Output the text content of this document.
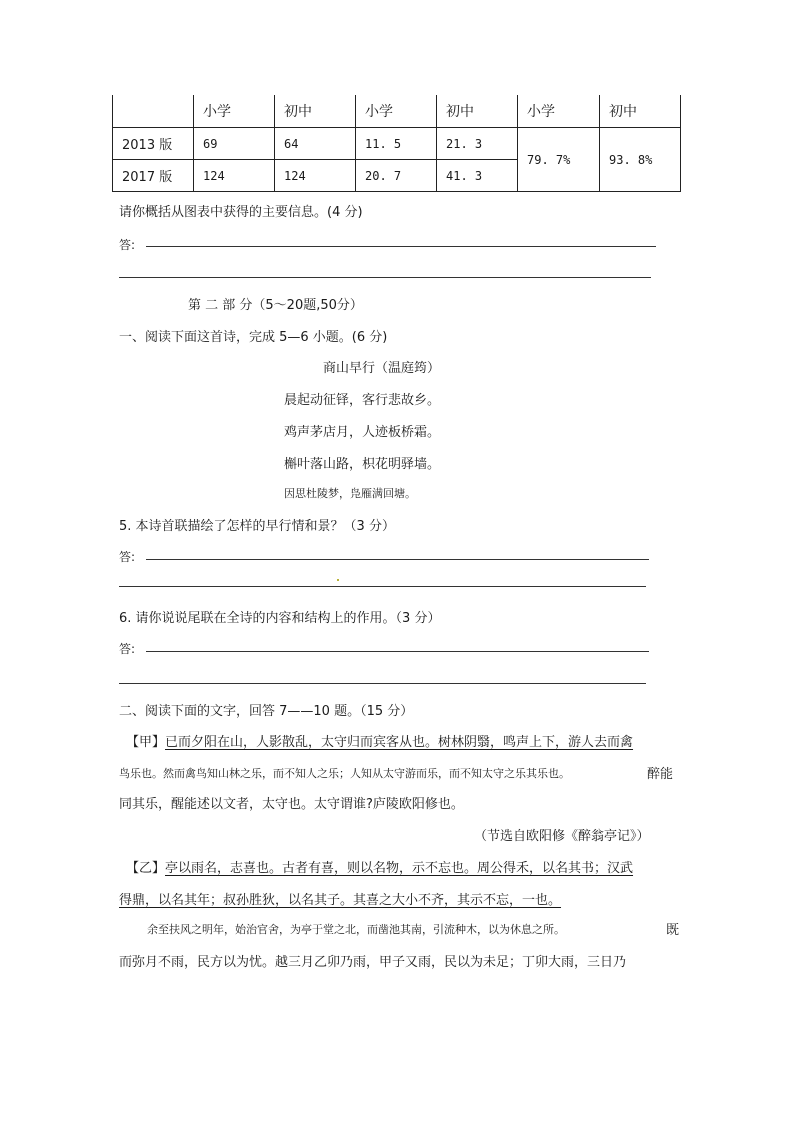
	小学	初中	小学	初中	小学	初中
2013 版	69	64	11. 5	21. 3	79. 7%	93. 8%
2017 版	124	124	20. 7	41. 3		
请你概括从图表中获得的主要信息。(4 分)
答:
第 二 部 分（5～20题,50分）
一、阅读下面这首诗，完成 5—6 小题。(6 分)
商山早行（温庭筠）
晨起动征铎，客行悲故乡。
鸡声茅店月，人迹板桥霜。
槲叶落山路，枳花明驿墙。
因思杜陵梦，凫雁满回塘。
5. 本诗首联描绘了怎样的早行情和景？（3 分）
答:
6. 请你说说尾联在全诗的内容和结构上的作用。（3 分）
答:
二、阅读下面的文字，回答 7——10 题。（15 分）
【甲】已而夕阳在山，人影散乱，太守归而宾客从也。树林阴翳，鸣声上下，游人去而禽
鸟乐也。然而禽鸟知山林之乐，而不知人之乐；人知从太守游而乐，而不知太守之乐其乐也。	醉能
同其乐，醒能述以文者，太守也。太守谓谁?庐陵欧阳修也。
（节选自欧阳修《醉翁亭记》）
【乙】亭以雨名，志喜也。古者有喜，则以名物，示不忘也。周公得禾，以名其书；汉武
得鼎，以名其年；叔孙胜狄，以名其子。其喜之大小不齐，其示不忘，一也。
余至扶风之明年，始治官舍，为亭于堂之北，而凿池其南，引流种木，以为休息之所。	既
而弥月不雨，民方以为忧。越三月乙卯乃雨，甲子又雨，民以为未足；丁卯大雨，三日乃
